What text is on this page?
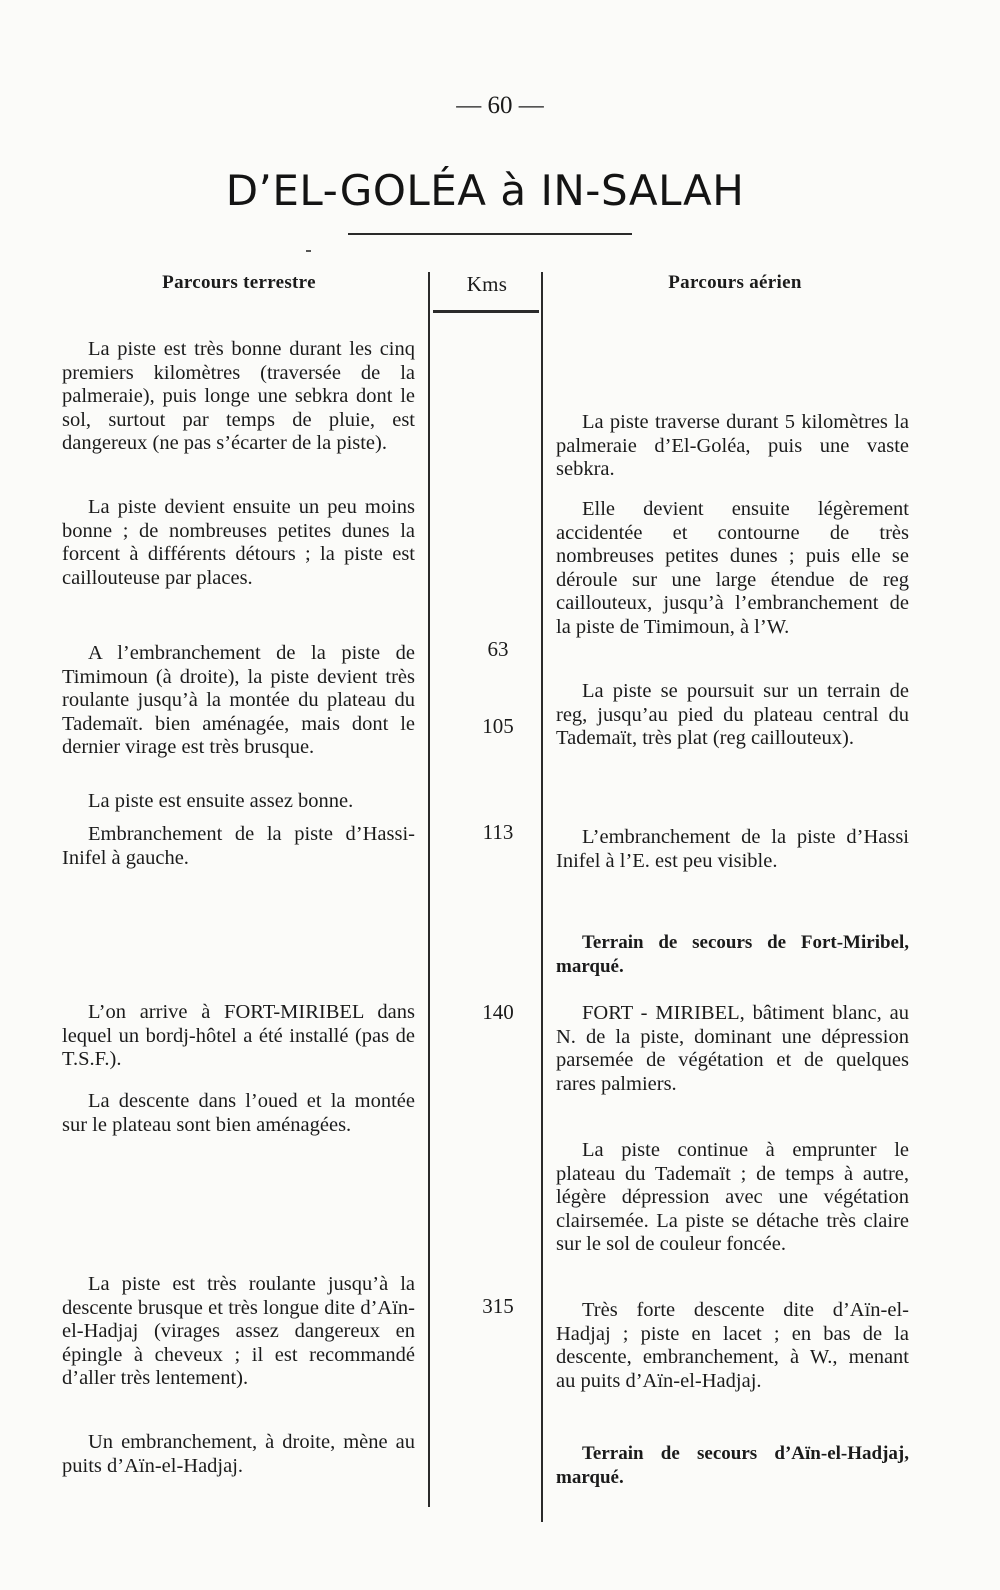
— 60 —
D’EL-GOLÉA à IN-SALAH
Parcours terrestre	Kms	Parcours aérien

La piste est très bonne durant les cinq premiers kilomètres (traversée de la palmeraie), puis longe une sebkra dont le sol, surtout par temps de pluie, est dangereux (ne pas s’écarter de la piste).

La piste devient ensuite un peu moins bonne ; de nombreuses petites dunes la forcent à différents détours ; la piste est caillouteuse par places.

A l’embranchement de la piste de Timimoun (à droite), la piste devient très roulante jusqu’à la montée du plateau du Tademaït. bien aménagée, mais dont le dernier virage est très brusque.

La piste est ensuite assez bonne.

Embranchement de la piste d’Hassi-Inifel à gauche.

L’on arrive à FORT-MIRIBEL dans lequel un bordj-hôtel a été installé (pas de T.S.F.).

La descente dans l’oued et la montée sur le plateau sont bien aménagées.

La piste est très roulante jusqu’à la descente brusque et très longue dite d’Aïn-el-Hadjaj (virages assez dangereux en épingle à cheveux ; il est recommandé d’aller très lentement).

Un embranchement, à droite, mène au puits d’Aïn-el-Hadjaj.

63
105
113
140
315

La piste traverse durant 5 kilomètres la palmeraie d’El-Goléa, puis une vaste sebkra.

Elle devient ensuite légèrement accidentée et contourne de très nombreuses petites dunes ; puis elle se déroule sur une large étendue de reg caillouteux, jusqu’à l’embranchement de la piste de Timimoun, à l’W.

La piste se poursuit sur un terrain de reg, jusqu’au pied du plateau central du Tademaït, très plat (reg caillouteux).

L’embranchement de la piste d’Hassi Inifel à l’E. est peu visible.

Terrain de secours de Fort-Miribel, marqué.

FORT - MIRIBEL, bâtiment blanc, au N. de la piste, dominant une dépression parsemée de végétation et de quelques rares palmiers.

La piste continue à emprunter le plateau du Tademaït ; de temps à autre, légère dépression avec une végétation clairsemée. La piste se détache très claire sur le sol de couleur foncée.

Très forte descente dite d’Aïn-el-Hadjaj ; piste en lacet ; en bas de la descente, embranchement, à W., menant au puits d’Aïn-el-Hadjaj.

Terrain de secours d’Aïn-el-Hadjaj, marqué.
